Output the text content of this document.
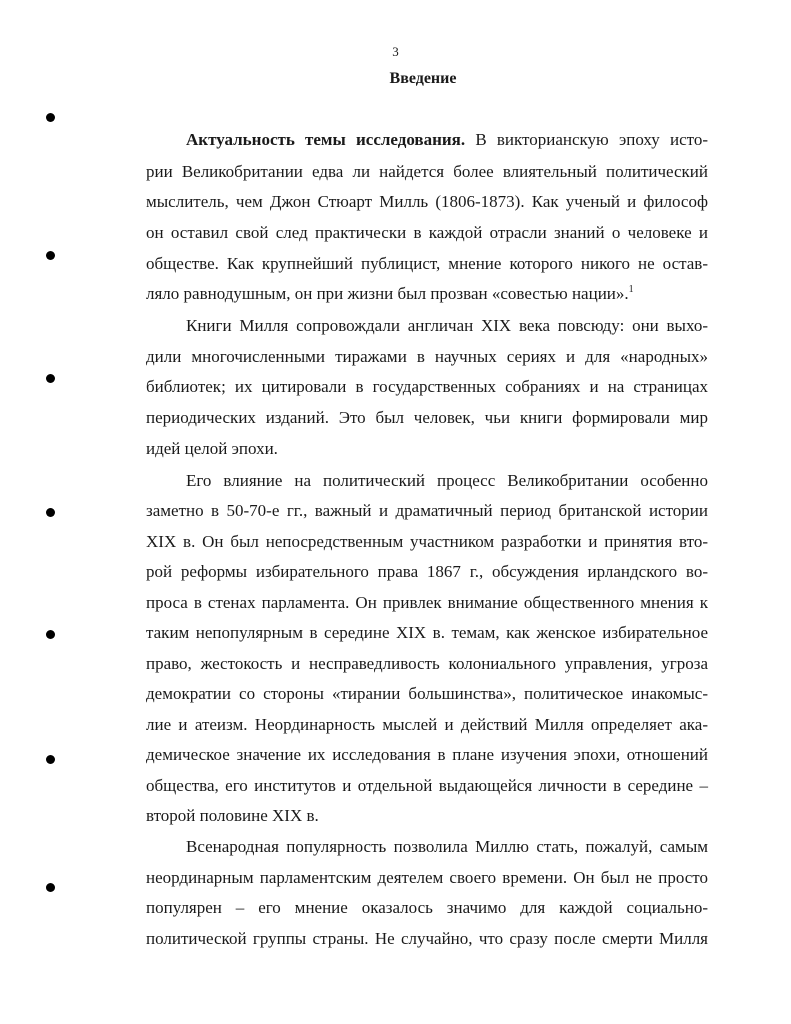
3
Введение
Актуальность темы исследования. В викторианскую эпоху исто-
рии Великобритании едва ли найдется более влиятельный политический
мыслитель, чем Джон Стюарт Милль (1806-1873). Как ученый и философ
он оставил свой след практически в каждой отрасли знаний о человеке и
обществе. Как крупнейший публицист, мнение которого никого не остав-
ляло равнодушным, он при жизни был прозван «совестью нации».$^1$
Книги Милля сопровождали англичан XIX века повсюду: они выхо-
дили многочисленными тиражами в научных сериях и для «народных»
библиотек; их цитировали в государственных собраниях и на страницах
периодических изданий. Это был человек, чьи книги формировали мир
идей целой эпохи.
Его влияние на политический процесс Великобритании особенно
заметно в 50-70-е гг., важный и драматичный период британской истории
XIX в. Он был непосредственным участником разработки и принятия вто-
рой реформы избирательного права 1867 г., обсуждения ирландского во-
проса в стенах парламента. Он привлек внимание общественного мнения к
таким непопулярным в середине XIX в. темам, как женское избирательное
право, жестокость и несправедливость колониального управления, угроза
демократии со стороны «тирании большинства», политическое инакомыс-
лие и атеизм. Неординарность мыслей и действий Милля определяет ака-
демическое значение их исследования в плане изучения эпохи, отношений
общества, его институтов и отдельной выдающейся личности в середине –
второй половине XIX в.
Всенародная популярность позволила Миллю стать, пожалуй, самым
неординарным парламентским деятелем своего времени. Он был не просто
популярен – его мнение оказалось значимо для каждой социально-
политической группы страны. Не случайно, что сразу после смерти Милля
